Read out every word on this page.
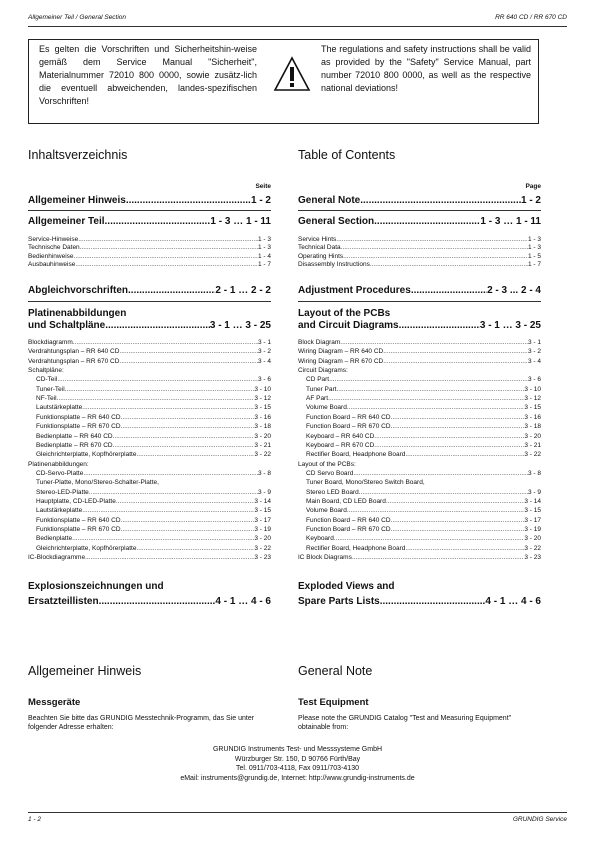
Allgemeiner Teil / General Section	RR 640 CD / RR 670 CD
Es gelten die Vorschriften und Sicherheitshin-weise gemäß dem Service Manual "Sicherheit", Materialnummer 72010 800 0000, sowie zusätz-lich die eventuell abweichenden, landes-spezifischen Vorschriften!
The regulations and safety instructions shall be valid as provided by the "Safety" Service Manual, part number 72010 800 0000, as well as the respective national deviations!
Inhaltsverzeichnis
Seite
Allgemeiner Hinweis .....	1 - 2
Allgemeiner Teil .....	1 - 3 … 1 - 11
Service-Hinweise .....	1 - 3
Technische Daten .....	1 - 3
Bedienhinweise .....	1 - 4
Ausbauhinweise .....	1 - 7
Abgleichvorschriften .....	2 - 1 … 2 - 2
Platinenabbildungen
und Schaltpläne .....	3 - 1 … 3 - 25
Blockdiagramm .....	3 - 1
Verdrahtungsplan – RR 640 CD .....	3 - 2
Verdrahtungsplan – RR 670 CD .....	3 - 4
Schaltpläne:
CD-Teil .....	3 - 6
Tuner-Teil .....	3 - 10
NF-Teil .....	3 - 12
Lautstärkeplatte .....	3 - 15
Funktionsplatte – RR 640 CD .....	3 - 16
Funktionsplatte – RR 670 CD .....	3 - 18
Bedienplatte – RR 640 CD .....	3 - 20
Bedienplatte – RR 670 CD .....	3 - 21
Gleichrichterplatte, Kopfhörerplatte .....	3 - 22
Platinenabbildungen:
CD-Servo-Platte .....	3 - 8
Tuner-Platte, Mono/Stereo-Schalter-Platte,
Stereo-LED-Platte .....	3 - 9
Hauptplatte, CD-LED-Platte .....	3 - 14
Lautstärkeplatte .....	3 - 15
Funktionsplatte – RR 640 CD .....	3 - 17
Funktionsplatte – RR 670 CD .....	3 - 19
Bedienplatte .....	3 - 20
Gleichrichterplatte, Kopfhörerplatte .....	3 - 22
IC-Blockdiagramme .....	3 - 23
Explosionszeichnungen und
Ersatzteillisten .....	4 - 1 … 4 - 6
Table of Contents
Page
General Note .....	1 - 2
General Section .....	1 - 3 … 1 - 11
Service Hints .....	1 - 3
Technical Data .....	1 - 3
Operating Hints .....	1 - 5
Disassembly Instructions .....	1 - 7
Adjustment Procedures .....	2 - 3 ... 2 - 4
Layout of the PCBs
and Circuit Diagrams .....	3 - 1 … 3 - 25
Block Diagram .....	3 - 1
Wiring Diagram – RR 640 CD .....	3 - 2
Wiring Diagram – RR 670 CD .....	3 - 4
Circuit Diagrams:
CD Part .....	3 - 6
Tuner Part .....	3 - 10
AF Part .....	3 - 12
Volume Board .....	3 - 15
Function Board – RR 640 CD .....	3 - 16
Function Board – RR 670 CD .....	3 - 18
Keyboard – RR 640 CD .....	3 - 20
Keyboard – RR 670 CD .....	3 - 21
Rectifier Board, Headphone Board .....	3 - 22
Layout of the PCBs:
CD Servo Board .....	3 - 8
Tuner Board, Mono/Stereo Switch Board,
Stereo LED Board .....	3 - 9
Main Board, CD LED Board .....	3 - 14
Volume Board .....	3 - 15
Function Board – RR 640 CD .....	3 - 17
Function Board – RR 670 CD .....	3 - 19
Keyboard .....	3 - 20
Rectifier Board, Headphone Board .....	3 - 22
IC Block Diagrams .....	3 - 23
Exploded Views and
Spare Parts Lists .....	4 - 1 … 4 - 6
Allgemeiner Hinweis
Messgeräte
Beachten Sie bitte das GRUNDIG Messtechnik-Programm, das Sie unter folgender Adresse erhalten:
General Note
Test Equipment
Please note the GRUNDIG Catalog "Test and Measuring Equipment" obtainable from:
GRUNDIG Instruments Test- und Messsysteme GmbH
Würzburger Str. 150, D 90766 Fürth/Bay
Tel. 0911/703-4118, Fax 0911/703-4130
eMail: instruments@grundig.de, Internet: http://www.grundig-instruments.de
1 - 2	GRUNDIG Service
